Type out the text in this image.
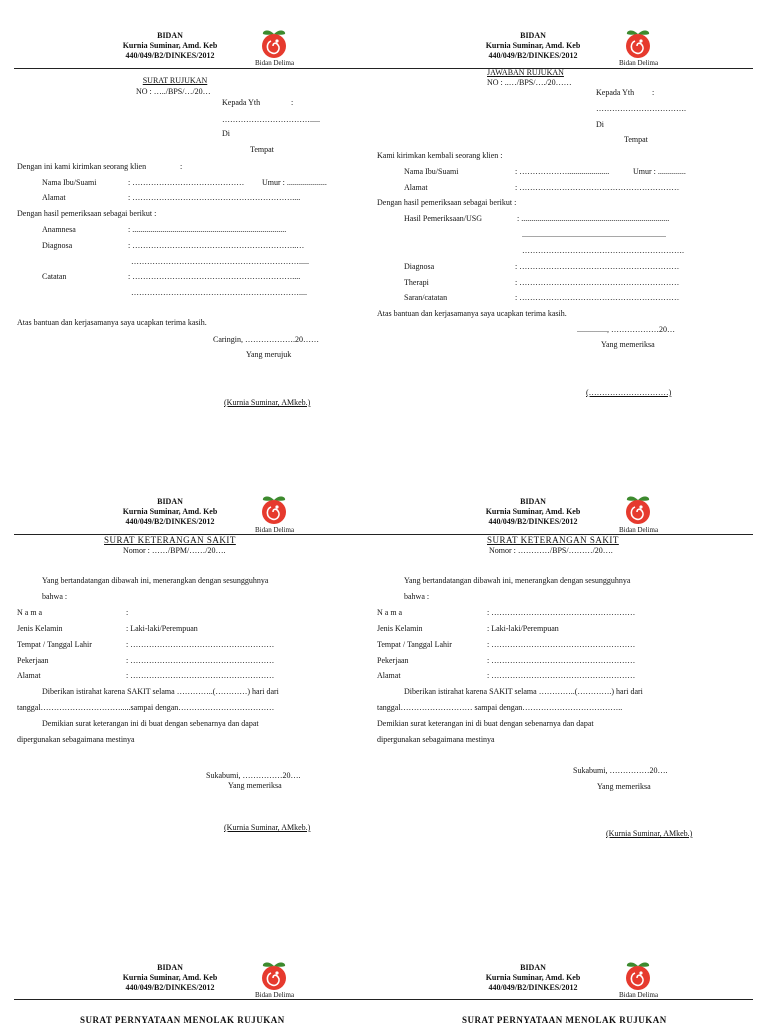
BIDAN
Kurnia Suminar, Amd. Keb
440/049/B2/DINKES/2012
Bidan Delima
SURAT RUJUKAN
NO : …../BPS/…/20…
Kepada Yth	:
…………………………….....
Di
Tempat
Dengan ini kami kirimkan seorang klien	:
Nama Ibu/Suami	: …………………………………… Umur : ....................
Alamat	: ……………………………………………………....
Dengan hasil pemeriksaan sebagai berikut :
Anamnesa	: .............................................................................
Diagnosa	: ……………………………………………………..…
……………………………………………………….....
Catatan	: ……………………………………………………....
………………………………………………………....
Atas bantuan dan kerjasamanya saya ucapkan terima kasih.
Caringin, ……………….20……
Yang merujuk
(Kurnia Suminar, AMkeb.)
BIDAN
Kurnia Suminar, Amd. Keb
440/049/B2/DINKES/2012
Bidan Delima
JAWABAN RUJUKAN
NO : ..…/BPS/…./20……
Kepada Yth :
…………………………….
Di
Tempat
Kami kirimkan kembali seorang klien :
Nama Ibu/Suami	: ……………….....................	Umur : ..............
Alamat	: ……………………………………………………
Dengan hasil pemeriksaan sebagai berikut :
Hasil Pemeriksaan/USG	: ..........................................................................
........................................................................
…………………………………………………….
Diagnosa	: ……………………………………………………
Therapi	: ……………………………………………………
Saran/catatan	: ……………………………………………………
Atas bantuan dan kerjasamanya saya ucapkan terima kasih.
..............., ………………20…
Yang memeriksa
(…………………………)
BIDAN
Kurnia Suminar, Amd. Keb
440/049/B2/DINKES/2012
Bidan Delima
SURAT KETERANGAN SAKIT
Nomor : ……/BPM/……/20….
Yang bertandatangan dibawah ini, menerangkan dengan sesungguhnya
bahwa :
N a m a	:
Jenis Kelamin	: Laki-laki/Perempuan
Tempat / Tanggal Lahir	: ………………………………………………
Pekerjaan	: ………………………………………………
Alamat	: ………………………………………………
Diberikan istirahat karena SAKIT selama …………..(…………) hari dari
tanggal………………………….....sampai dengan………………………………
Demikian surat keterangan ini di buat dengan sebenarnya dan dapat
dipergunakan sebagaimana mestinya
Sukabumi, ……………20….
Yang memeriksa
(Kurnia Suminar, AMkeb.)
BIDAN
Kurnia Suminar, Amd. Keb
440/049/B2/DINKES/2012
Bidan Delima
SURAT KETERANGAN SAKIT
Nomor : …………/BPS/………/20….
Yang bertandatangan dibawah ini, menerangkan dengan sesungguhnya
bahwa :
N a m a	: ………………………………………………
Jenis Kelamin	: Laki-laki/Perempuan
Tempat / Tanggal Lahir	: ………………………………………………
Pekerjaan	: ………………………………………………
Alamat	: ………………………………………………
Diberikan istirahat karena SAKIT selama …………..(………….) hari dari
tanggal……………………… sampai dengan………………………………..
Demikian surat keterangan ini di buat dengan sebenarnya dan dapat
dipergunakan sebagaimana mestinya
Sukabumi, ……………20….
Yang memeriksa
(Kurnia Suminar, AMkeb.)
BIDAN
Kurnia Suminar, Amd. Keb
440/049/B2/DINKES/2012
Bidan Delima
SURAT PERNYATAAN MENOLAK RUJUKAN
BIDAN
Kurnia Suminar, Amd. Keb
440/049/B2/DINKES/2012
Bidan Delima
SURAT PERNYATAAN MENOLAK RUJUKAN
